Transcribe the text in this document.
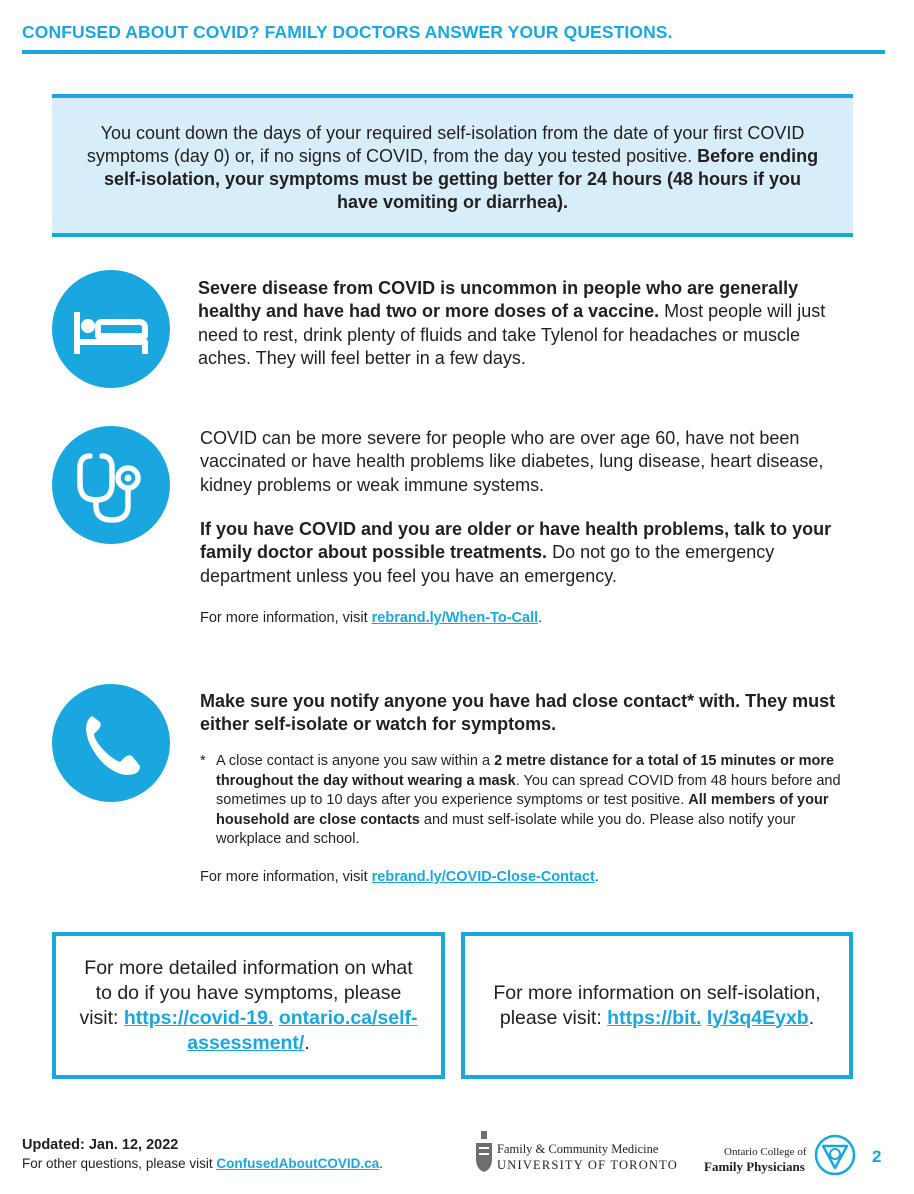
CONFUSED ABOUT COVID? FAMILY DOCTORS ANSWER YOUR QUESTIONS.
You count down the days of your required self-isolation from the date of your first COVID symptoms (day 0) or, if no signs of COVID, from the day you tested positive. Before ending self-isolation, your symptoms must be getting better for 24 hours (48 hours if you have vomiting or diarrhea).
Severe disease from COVID is uncommon in people who are generally healthy and have had two or more doses of a vaccine. Most people will just need to rest, drink plenty of fluids and take Tylenol for headaches or muscle aches. They will feel better in a few days.
COVID can be more severe for people who are over age 60, have not been vaccinated or have health problems like diabetes, lung disease, heart disease, kidney problems or weak immune systems.
If you have COVID and you are older or have health problems, talk to your family doctor about possible treatments. Do not go to the emergency department unless you feel you have an emergency.
For more information, visit rebrand.ly/When-To-Call.
Make sure you notify anyone you have had close contact* with. They must either self-isolate or watch for symptoms.
* A close contact is anyone you saw within a 2 metre distance for a total of 15 minutes or more throughout the day without wearing a mask. You can spread COVID from 48 hours before and sometimes up to 10 days after you experience symptoms or test positive. All members of your household are close contacts and must self-isolate while you do. Please also notify your workplace and school.
For more information, visit rebrand.ly/COVID-Close-Contact.
For more detailed information on what to do if you have symptoms, please visit: https://covid-19. ontario.ca/self-assessment/.
For more information on self-isolation, please visit: https://bit. ly/3q4Eyxb.
Updated: Jan. 12, 2022
For other questions, please visit ConfusedAboutCOVID.ca.
Family & Community Medicine
UNIVERSITY OF TORONTO
Ontario College of
Family Physicians
2
